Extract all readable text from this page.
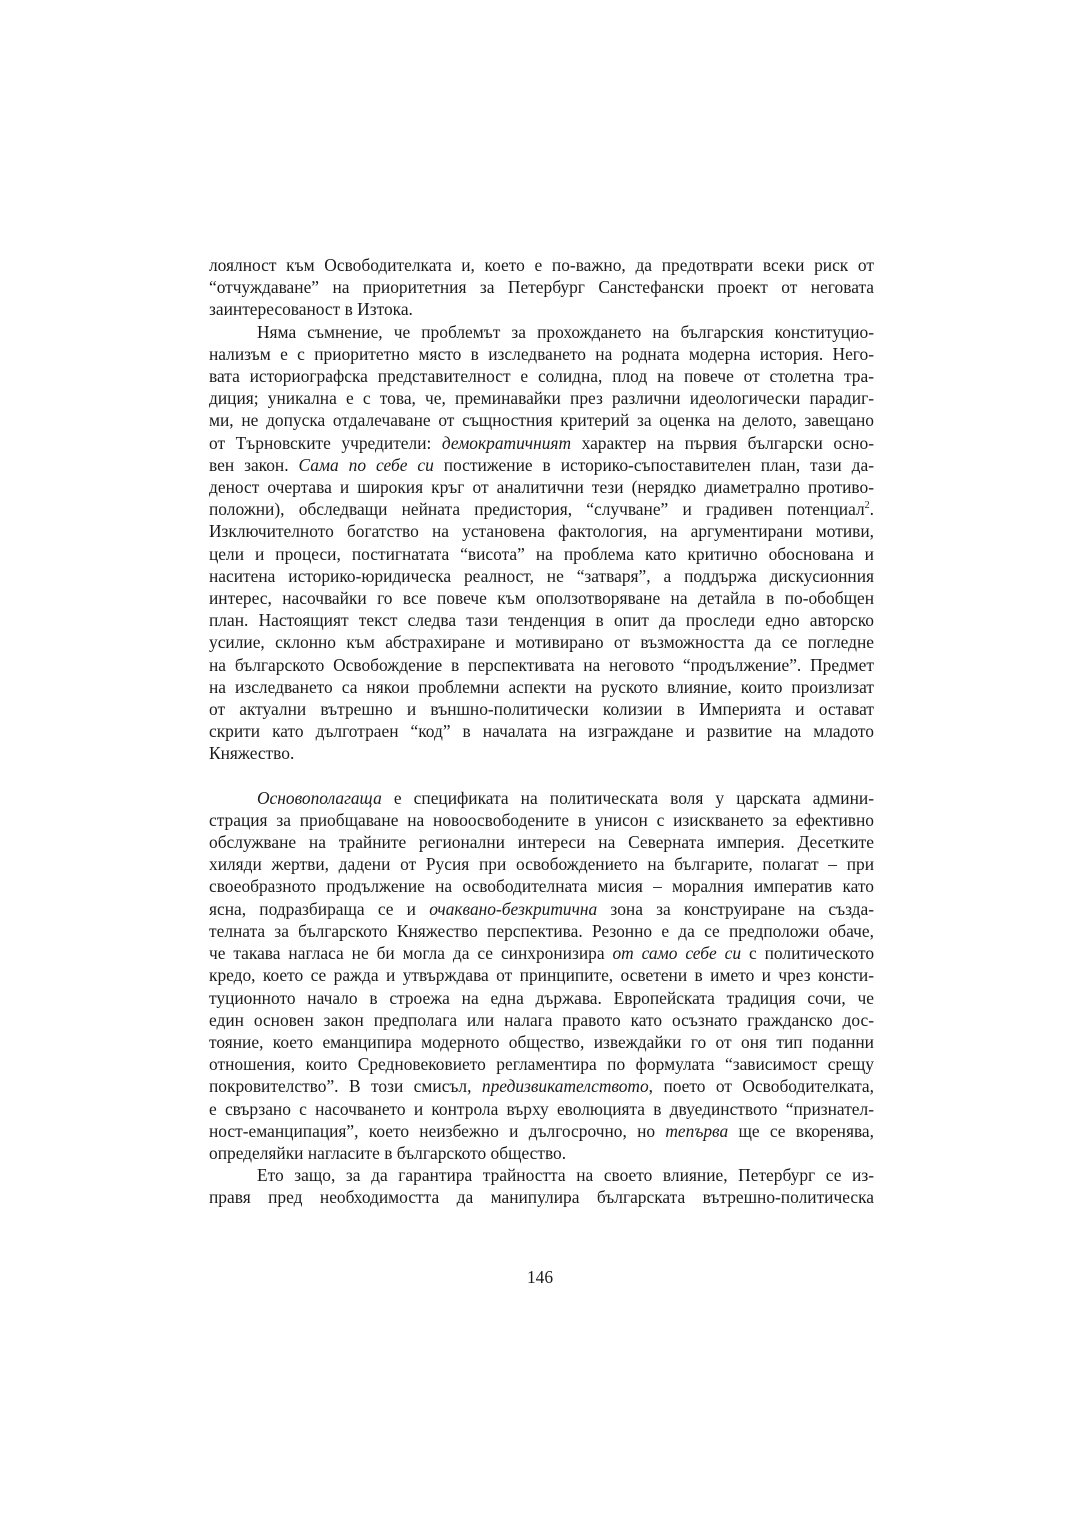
лоялност към Освободителката и, което е по-важно, да предотврати всеки риск от
“отчуждаване” на приоритетния за Петербург Санстефански проект от неговата
заинтересованост в Изтока.

Няма съмнение, че проблемът за прохождането на българския конституцио-
нализъм е с приоритетно място в изследването на родната модерна история. Него-
вата историографска представителност е солидна, плод на повече от столетна тра-
диция; уникална е с това, че, преминавайки през различни идеологически парадиг-
ми, не допуска отдалечаване от същностния критерий за оценка на делото, завещано
от Търновските учредители: демократичният характер на първия български осно-
вен закон. Сама по себе си постижение в историко-съпоставителен план, тази да-
деност очертава и широкия кръг от аналитични тези (нерядко диаметрално противо-
положни), обследващи нейната предистория, “случване” и градивен потенциал$^2$.
Изключителното богатство на установена фактология, на аргументирани мотиви,
цели и процеси, постигнатата “висота” на проблема като критично обоснована и
наситена историко-юридическа реалност, не “затваря”, а поддържа дискусионния
интерес, насочвайки го все повече към оползотворяване на детайла в по-обобщен
план. Настоящият текст следва тази тенденция в опит да проследи едно авторско
усилие, склонно към абстрахиране и мотивирано от възможността да се погледне
на българското Освобождение в перспективата на неговото “продължение”. Предмет
на изследването са някои проблемни аспекти на руското влияние, които произлизат
от актуални вътрешно и външно-политически колизии в Империята и остават
скрити като дълготраен “код” в началата на изграждане и развитие на младото
Княжество.

Основополагаща е спецификата на политическата воля у царската админи-
страция за приобщаване на новоосвободените в унисон с изискването за ефективно
обслужване на трайните регионални интереси на Северната империя. Десетките
хиляди жертви, дадени от Русия при освобождението на българите, полагат – при
своеобразното продължение на освободителната мисия – моралния императив като
ясна, подразбираща се и очаквано-безкритична зона за конструиране на създа-
телната за българското Княжество перспектива. Резонно е да се предположи обаче,
че такава нагласа не би могла да се синхронизира от само себе си с политическото
кредо, което се ражда и утвърждава от принципите, осветени в името и чрез консти-
туционното начало в строежа на една държава. Европейската традиция сочи, че
един основен закон предполага или налага правото като осъзнато гражданско дос-
тояние, което еманципира модерното общество, извеждайки го от оня тип поданни
отношения, които Средновековието регламентира по формулата “зависимост срещу
покровителство”. В този смисъл, предизвикателството, поето от Освободителката,
е свързано с насочването и контрола върху еволюцията в двуединството “признател-
ност-еманципация”, което неизбежно и дългосрочно, но тепърва ще се вкоренява,
определяйки нагласите в българското общество.

Ето защо, за да гарантира трайността на своето влияние, Петербург се из-
правя пред необходимостта да манипулира българската вътрешно-политическа

146
